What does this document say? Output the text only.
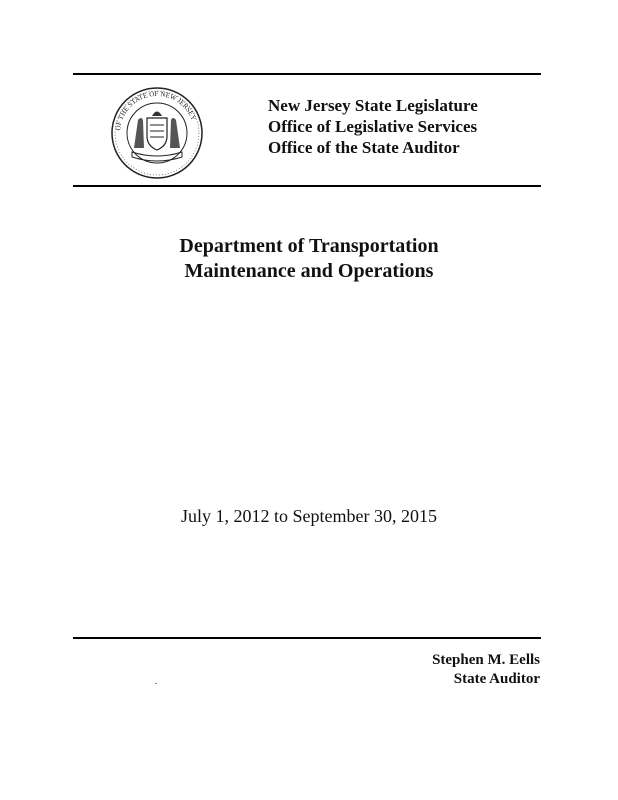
OF THE STATE OF NEW JERSEY
New Jersey State Legislature
Office of Legislative Services
Office of the State Auditor
Department of Transportation
Maintenance and Operations
July 1, 2012 to September 30, 2015
Stephen M. Eells
State Auditor
